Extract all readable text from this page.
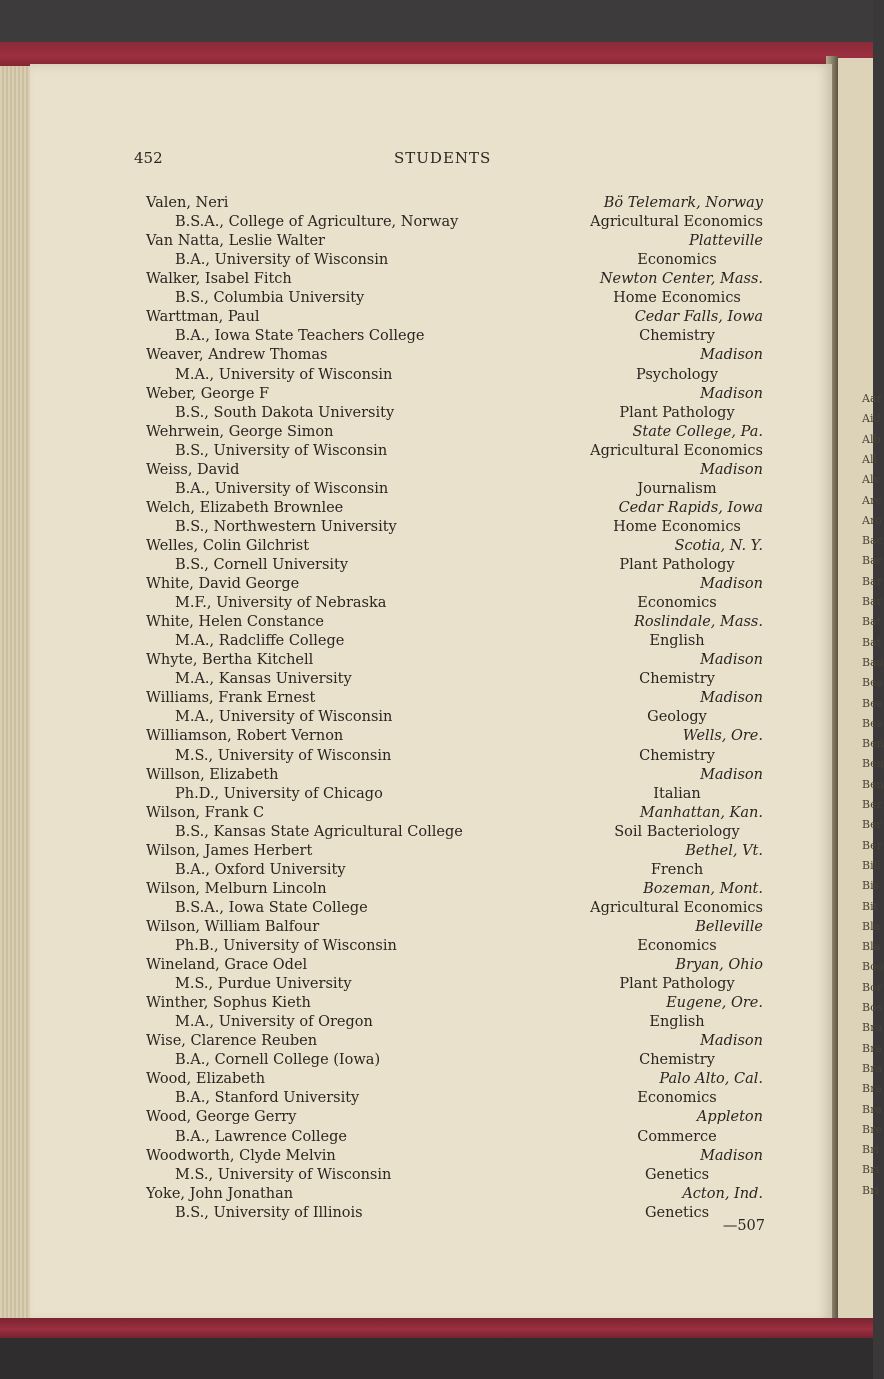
Aar
Aid
Alb
All
Alv
Arc
Aro
Bac
Bac
Bar
Bar
Bat
Bat
Bau
Bea
Bea
Bea
Ben
Ben
Ben
Ber
Ber
Ber
Bill
Bis
Bit
Bla
Bla
Boo
Bor
Bos
Bra
Bra
Bra
Bra
Bra
Bre
Bri
Bri
Bri
452	STUDENTS
Valen, Neri
B.S.A., College of Agriculture, Norway
Bö Telemark, Norway
Agricultural Economics
Van Natta, Leslie Walter
B.A., University of Wisconsin
Platteville
Economics
Walker, Isabel Fitch
B.S., Columbia University
Newton Center, Mass.
Home Economics
Warttman, Paul
B.A., Iowa State Teachers College
Cedar Falls, Iowa
Chemistry
Weaver, Andrew Thomas
M.A., University of Wisconsin
Madison
Psychology
Weber, George F
B.S., South Dakota University
Madison
Plant Pathology
Wehrwein, George Simon
B.S., University of Wisconsin
State College, Pa.
Agricultural Economics
Weiss, David
B.A., University of Wisconsin
Madison
Journalism
Welch, Elizabeth Brownlee
B.S., Northwestern University
Cedar Rapids, Iowa
Home Economics
Welles, Colin Gilchrist
B.S., Cornell University
Scotia, N. Y.
Plant Pathology
White, David George
M.F., University of Nebraska
Madison
Economics
White, Helen Constance
M.A., Radcliffe College
Roslindale, Mass.
English
Whyte, Bertha Kitchell
M.A., Kansas University
Madison
Chemistry
Williams, Frank Ernest
M.A., University of Wisconsin
Madison
Geology
Williamson, Robert Vernon
M.S., University of Wisconsin
Wells, Ore.
Chemistry
Willson, Elizabeth
Ph.D., University of Chicago
Madison
Italian
Wilson, Frank C
B.S., Kansas State Agricultural College
Manhattan, Kan.
Soil Bacteriology
Wilson, James Herbert
B.A., Oxford University
Bethel, Vt.
French
Wilson, Melburn Lincoln
B.S.A., Iowa State College
Bozeman, Mont.
Agricultural Economics
Wilson, William Balfour
Ph.B., University of Wisconsin
Belleville
Economics
Wineland, Grace Odel
M.S., Purdue University
Bryan, Ohio
Plant Pathology
Winther, Sophus Kieth
M.A., University of Oregon
Eugene, Ore.
English
Wise, Clarence Reuben
B.A., Cornell College (Iowa)
Madison
Chemistry
Wood, Elizabeth
B.A., Stanford University
Palo Alto, Cal.
Economics
Wood, George Gerry
B.A., Lawrence College
Appleton
Commerce
Woodworth, Clyde Melvin
M.S., University of Wisconsin
Madison
Genetics
Yoke, John Jonathan
B.S., University of Illinois
Acton, Ind.
Genetics
—507
